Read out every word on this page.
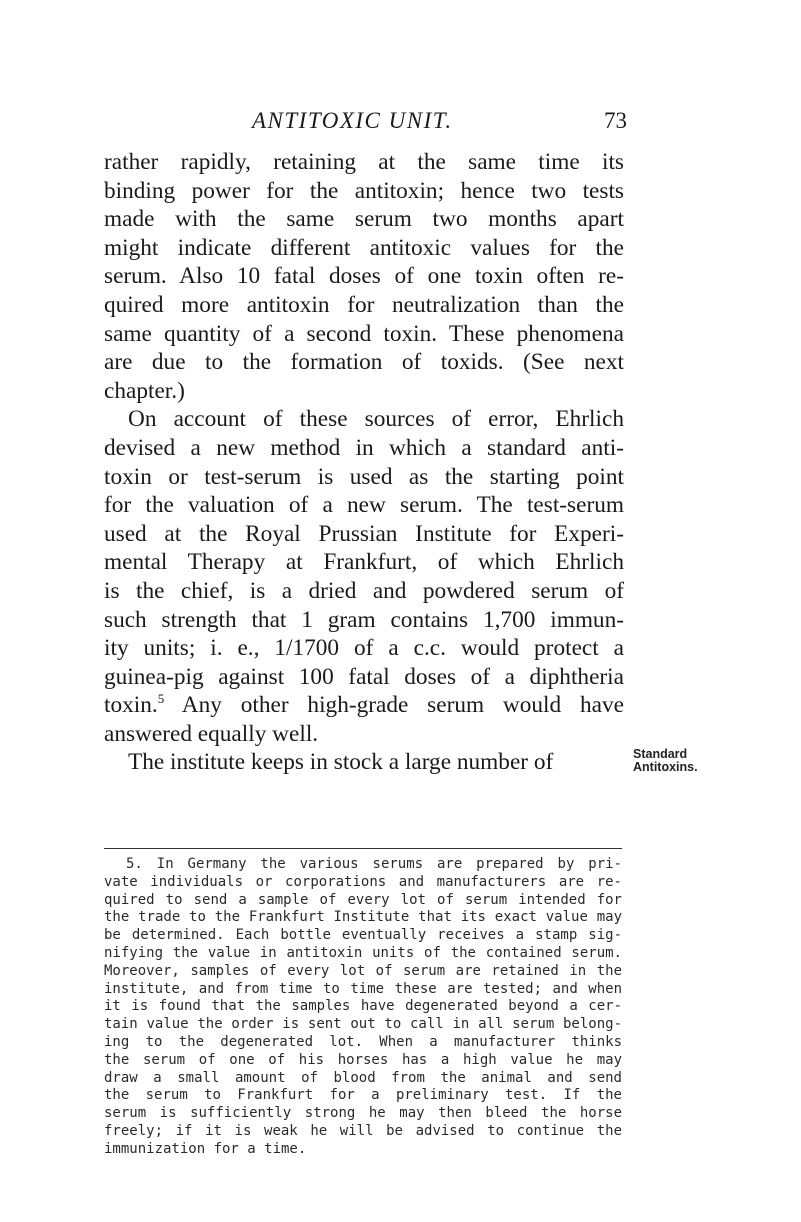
ANTITOXIC UNIT.	73
rather rapidly, retaining at the same time its
binding power for the antitoxin; hence two tests
made with the same serum two months apart
might indicate different antitoxic values for the
serum. Also 10 fatal doses of one toxin often re-
quired more antitoxin for neutralization than the
same quantity of a second toxin. These phenomena
are due to the formation of toxids. (See next
chapter.)
On account of these sources of error, Ehrlich
devised a new method in which a standard anti-
toxin or test-serum is used as the starting point
for the valuation of a new serum. The test-serum
used at the Royal Prussian Institute for Experi-
mental Therapy at Frankfurt, of which Ehrlich
is the chief, is a dried and powdered serum of
such strength that 1 gram contains 1,700 immun-
ity units; i. e., 1/1700 of a c.c. would protect a
guinea-pig against 100 fatal doses of a diphtheria
toxin.$^5$ Any other high-grade serum would have
answered equally well.
The institute keeps in stock a large number of	Standard
Antitoxins.
5. In Germany the various serums are prepared by pri-
vate individuals or corporations and manufacturers are re-
quired to send a sample of every lot of serum intended for
the trade to the Frankfurt Institute that its exact value may
be determined. Each bottle eventually receives a stamp sig-
nifying the value in antitoxin units of the contained serum.
Moreover, samples of every lot of serum are retained in the
institute, and from time to time these are tested; and when
it is found that the samples have degenerated beyond a cer-
tain value the order is sent out to call in all serum belong-
ing to the degenerated lot. When a manufacturer thinks
the serum of one of his horses has a high value he may
draw a small amount of blood from the animal and send
the serum to Frankfurt for a preliminary test. If the
serum is sufficiently strong he may then bleed the horse
freely; if it is weak he will be advised to continue the
immunization for a time.
